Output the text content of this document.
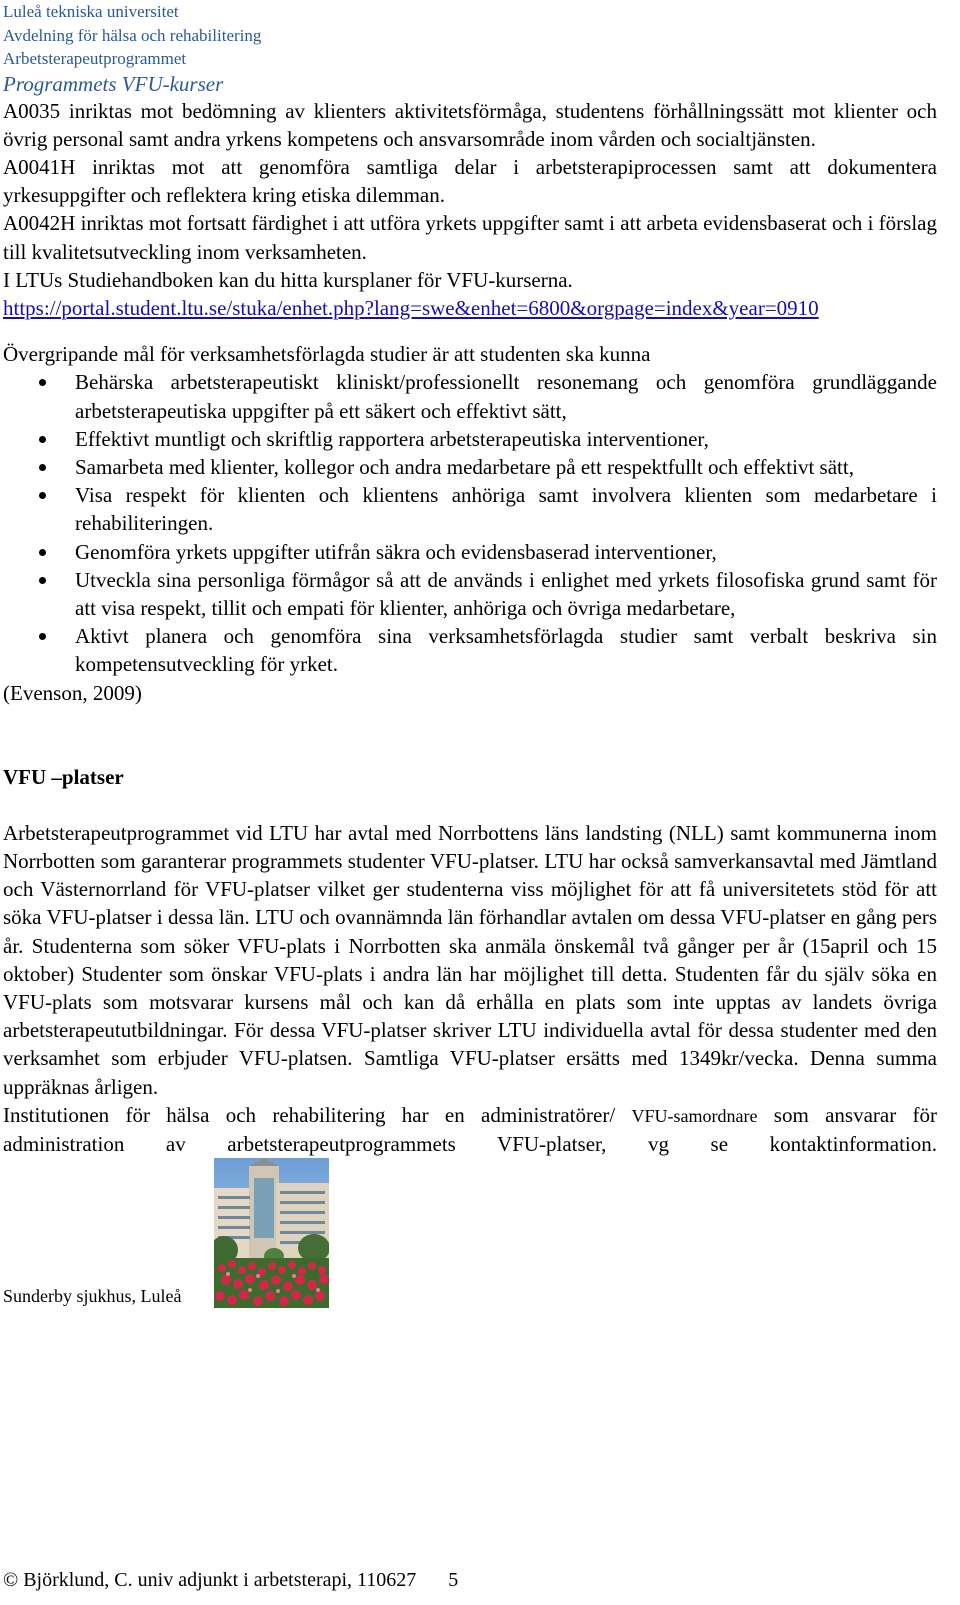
Luleå tekniska universitet
Avdelning för hälsa och rehabilitering
Arbetsterapeutprogrammet
Programmets VFU-kurser

A0035 inriktas mot bedömning av klienters aktivitetsförmåga, studentens förhållningssätt mot klienter och övrig personal samt andra yrkens kompetens och ansvarsområde inom vården och socialtjänsten.

A0041H inriktas mot att genomföra samtliga delar i arbetsterapiprocessen samt att dokumentera yrkesuppgifter och reflektera kring etiska dilemman.

A0042H inriktas mot fortsatt färdighet i att utföra yrkets uppgifter samt i att arbeta evidensbaserat och i förslag till kvalitetsutveckling inom verksamheten.

I LTUs Studiehandboken kan du hitta kursplaner för VFU-kurserna.

https://portal.student.ltu.se/stuka/enhet.php?lang=swe&enhet=6800&orgpage=index&year=0910

Övergripande mål för verksamhetsförlagda studier är att studenten ska kunna

Behärska arbetsterapeutiskt kliniskt/professionellt resonemang och genomföra grundläggande arbetsterapeutiska uppgifter på ett säkert och effektivt sätt,
Effektivt muntligt och skriftlig rapportera arbetsterapeutiska interventioner,
Samarbeta med klienter, kollegor och andra medarbetare på ett respektfullt och effektivt sätt,
Visa respekt för klienten och klientens anhöriga samt involvera klienten som medarbetare i rehabiliteringen.
Genomföra yrkets uppgifter utifrån säkra och evidensbaserad interventioner,
Utveckla sina personliga förmågor så att de används i enlighet med yrkets filosofiska grund samt för att visa respekt, tillit och empati för klienter, anhöriga och övriga medarbetare,
Aktivt planera och genomföra sina verksamhetsförlagda studier samt verbalt beskriva sin kompetensutveckling för yrket.

(Evenson, 2009)

VFU –platser

Arbetsterapeutprogrammet vid LTU har avtal med Norrbottens läns landsting (NLL) samt kommunerna inom Norrbotten som garanterar programmets studenter VFU-platser. LTU har också samverkansavtal med Jämtland och Västernorrland för VFU-platser vilket ger studenterna viss möjlighet för att få universitetets stöd för att söka VFU-platser i dessa län. LTU och ovannämnda län förhandlar avtalen om dessa VFU-platser en gång pers år. Studenterna som söker VFU-plats i Norrbotten ska anmäla önskemål två gånger per år (15april och 15 oktober) Studenter som önskar VFU-plats i andra län har möjlighet till detta. Studenten får du själv söka en VFU-plats som motsvarar kursens mål och kan då erhålla en plats som inte upptas av landets övriga arbetsterapeututbildningar. För dessa VFU-platser skriver LTU individuella avtal för dessa studenter med den verksamhet som erbjuder VFU-platsen. Samtliga VFU-platser ersätts med 1349kr/vecka. Denna summa uppräknas årligen.

Institutionen för hälsa och rehabilitering har en administratörer/ VFU-samordnare som ansvarar för administration av arbetsterapeutprogrammets VFU-platser, vg se kontaktinformation.

Sunderby sjukhus, Luleå
© Björklund, C. univ adjunkt i arbetsterapi, 110627 5
